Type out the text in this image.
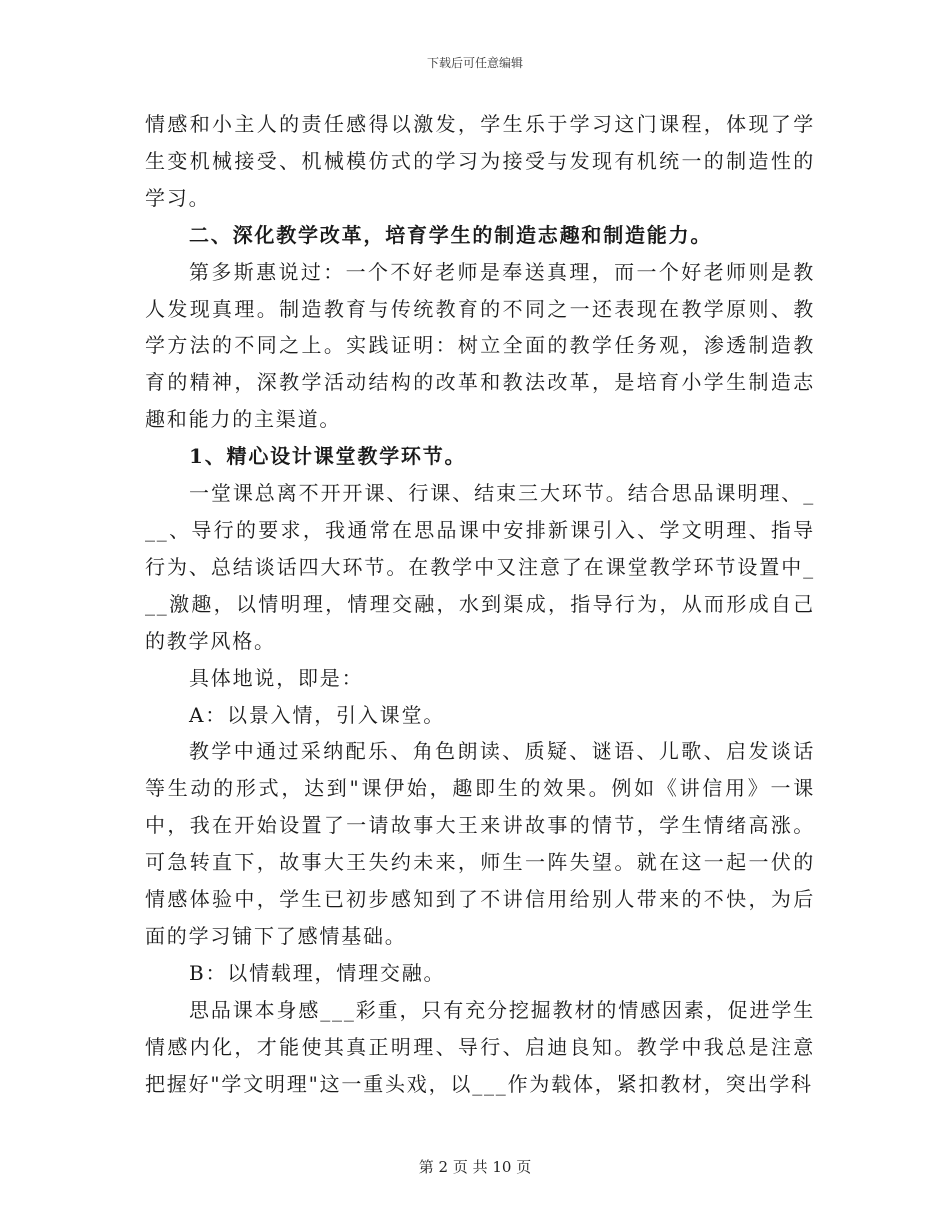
下载后可任意编辑

情感和小主人的责任感得以激发，学生乐于学习这门课程，体现了学生变机械接受、机械模仿式的学习为接受与发现有机统一的制造性的学习。

二、深化教学改革，培育学生的制造志趣和制造能力。

第多斯惠说过：一个不好老师是奉送真理，而一个好老师则是教人发现真理。制造教育与传统教育的不同之一还表现在教学原则、教学方法的不同之上。实践证明：树立全面的教学任务观，渗透制造教育的精神，深教学活动结构的改革和教法改革，是培育小学生制造志趣和能力的主渠道。

1、精心设计课堂教学环节。

一堂课总离不开开课、行课、结束三大环节。结合思品课明理、___、导行的要求，我通常在思品课中安排新课引入、学文明理、指导行为、总结谈话四大环节。在教学中又注意了在课堂教学环节设置中___激趣，以情明理，情理交融，水到渠成，指导行为，从而形成自己的教学风格。

具体地说，即是：

A：以景入情，引入课堂。

教学中通过采纳配乐、角色朗读、质疑、谜语、儿歌、启发谈话等生动的形式，达到"课伊始，趣即生的效果。例如《讲信用》一课中，我在开始设置了一请故事大王来讲故事的情节，学生情绪高涨。可急转直下，故事大王失约未来，师生一阵失望。就在这一起一伏的情感体验中，学生已初步感知到了不讲信用给别人带来的不快，为后面的学习铺下了感情基础。

B：以情载理，情理交融。

思品课本身感___彩重，只有充分挖掘教材的情感因素，促进学生情感内化，才能使其真正明理、导行、启迪良知。教学中我总是注意把握好"学文明理"这一重头戏，以___作为载体，紧扣教材，突出学科

第 2 页 共 10 页
